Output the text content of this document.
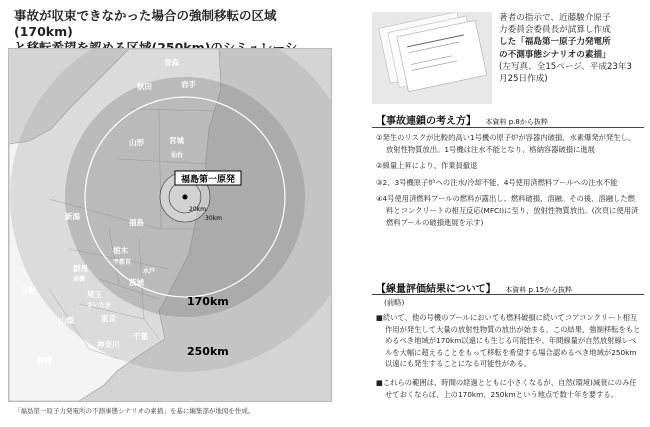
事故が収束できなかった場合の強制移転の区域(170km)
福島第一原発
20km
30km
170km
250km
青森
秋田	岩手
山形	宮城
仙台
新潟
福島
栃木
宇都宮
群馬
前橋
水戸
茨城
長野	埼玉
さいたま
東京
山梨
千葉
神奈川
静岡
「福島第一原子力発電所の不測事態シナリオの素描」を基に編集部が地図を作成。
著者の指示で、近藤駿介原子
力委員会委員長が試算し作成
した「福島第一原子力発電所
の不測事態シナリオの素描」
(左写真、全15ページ、平成23年3
月25日作成)
【事故連鎖の考え方】 本資料 p.8から抜粋
①発生のリスクが比較的高い1号機の原子炉が容器内破損、水素爆発が発生し、放射性物質放出。1号機は注水不能となり、格納容器破損に進展
②線量上昇により、作業員撤退
③2、3号機原子炉への注水/冷却不能、4号使用済燃料プールへの注水不能
④4号使用済燃料プールの燃料が露出し、燃料破損、溶融。その後、溶融した燃料とコンクリートの相互反応(MFCI)に至り、放射性物質放出。(次頁に使用済燃料プールの破損進展を示す)
【線量評価結果について】 本資料 p.15から抜粋
(前略)
■続いて、他の号機のプールにおいても燃料破損に続いてコアコンクリート相互作用が発生して大量の放射性物質の放出が始まる。この結果、強制移転をもとめるべき地域が170km以遠にも生じる可能性や、年間線量が自然放射線レベルを大幅に超えることをもって移転を希望する場合認めるべき地域が250km以遠にも発生することになる可能性がある。
■これらの範囲は、時間の経過とともに小さくなるが、自然(環境)減衰にのみ任せておくならば、上の170km、250kmという地点で数十年を要する。
